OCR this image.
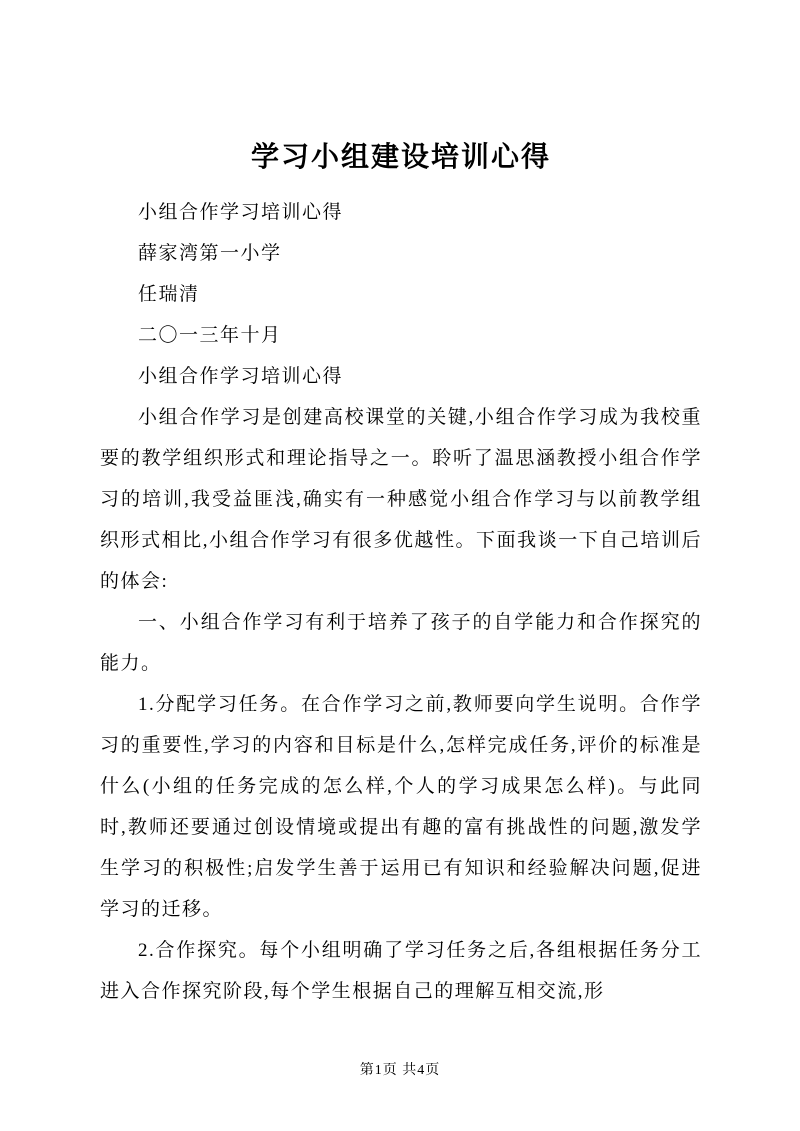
学习小组建设培训心得

小组合作学习培训心得

薛家湾第一小学

任瑞清

二〇一三年十月

小组合作学习培训心得

小组合作学习是创建高校课堂的关键,小组合作学习成为我校重要的教学组织形式和理论指导之一。聆听了温思涵教授小组合作学习的培训,我受益匪浅,确实有一种感觉小组合作学习与以前教学组织形式相比,小组合作学习有很多优越性。下面我谈一下自己培训后的体会:

一、小组合作学习有利于培养了孩子的自学能力和合作探究的能力。

1.分配学习任务。在合作学习之前,教师要向学生说明。合作学习的重要性,学习的内容和目标是什么,怎样完成任务,评价的标准是什么(小组的任务完成的怎么样,个人的学习成果怎么样)。与此同时,教师还要通过创设情境或提出有趣的富有挑战性的问题,激发学生学习的积极性;启发学生善于运用已有知识和经验解决问题,促进学习的迁移。

2.合作探究。每个小组明确了学习任务之后,各组根据任务分工进入合作探究阶段,每个学生根据自己的理解互相交流,形

第1页 共4页
